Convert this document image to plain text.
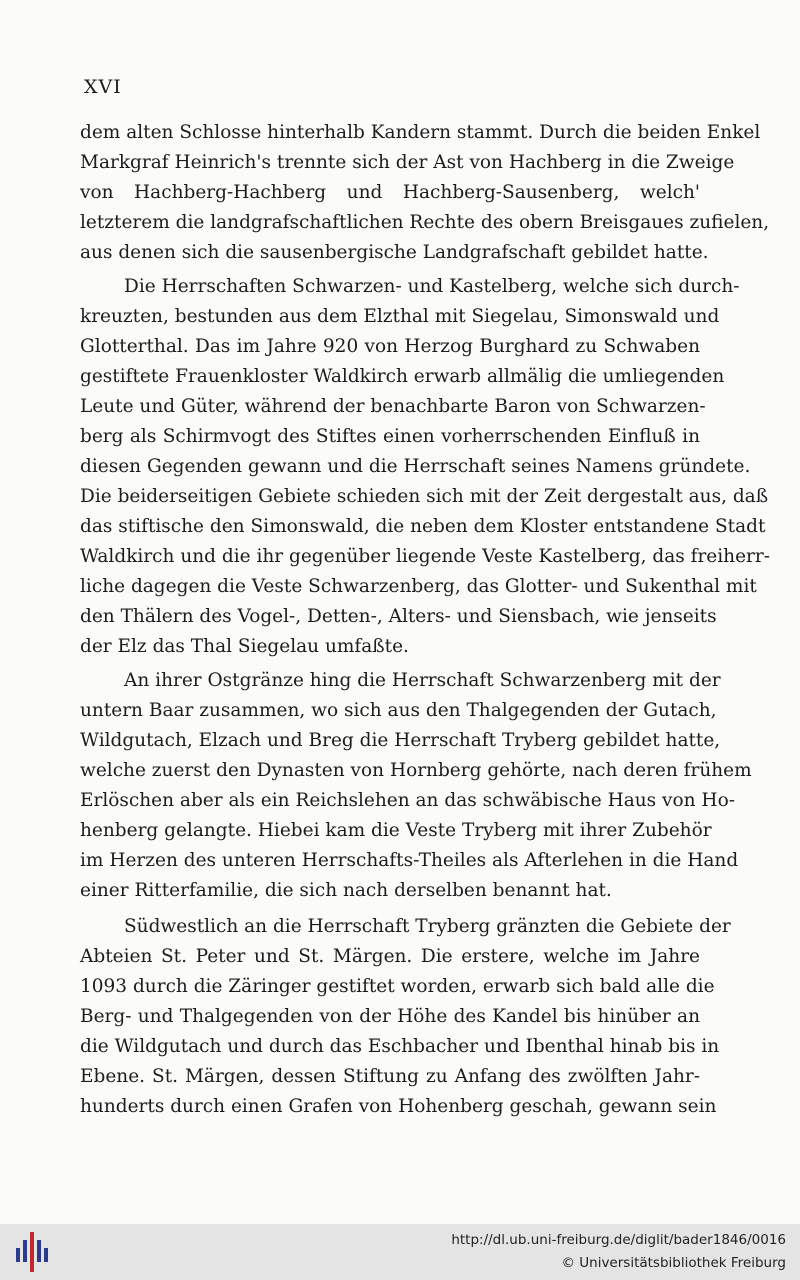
XVI
dem alten Schlosse hinterhalb Kandern stammt. Durch die beiden Enkel
Markgraf Heinrich's trennte sich der Ast von Hachberg in die Zweige
von Hachberg-Hachberg und Hachberg-Sausenberg, welch'
letzterem die landgrafschaftlichen Rechte des obern Breisgaues zufielen,
aus denen sich die sausenbergische Landgrafschaft gebildet hatte.
Die Herrschaften Schwarzen- und Kastelberg, welche sich durch-
kreuzten, bestunden aus dem Elzthal mit Siegelau, Simonswald und
Glotterthal. Das im Jahre 920 von Herzog Burghard zu Schwaben
gestiftete Frauenkloster Waldkirch erwarb allmälig die umliegenden
Leute und Güter, während der benachbarte Baron von Schwarzen-
berg als Schirmvogt des Stiftes einen vorherrschenden Einfluß in
diesen Gegenden gewann und die Herrschaft seines Namens gründete.
Die beiderseitigen Gebiete schieden sich mit der Zeit dergestalt aus, daß
das stiftische den Simonswald, die neben dem Kloster entstandene Stadt
Waldkirch und die ihr gegenüber liegende Veste Kastelberg, das freiherr-
liche dagegen die Veste Schwarzenberg, das Glotter- und Sukenthal mit
den Thälern des Vogel-, Detten-, Alters- und Siensbach, wie jenseits
der Elz das Thal Siegelau umfaßte.
An ihrer Ostgränze hing die Herrschaft Schwarzenberg mit der
untern Baar zusammen, wo sich aus den Thalgegenden der Gutach,
Wildgutach, Elzach und Breg die Herrschaft Tryberg gebildet hatte,
welche zuerst den Dynasten von Hornberg gehörte, nach deren frühem
Erlöschen aber als ein Reichslehen an das schwäbische Haus von Ho-
henberg gelangte. Hiebei kam die Veste Tryberg mit ihrer Zubehör
im Herzen des unteren Herrschafts-Theiles als Afterlehen in die Hand
einer Ritterfamilie, die sich nach derselben benannt hat.
Südwestlich an die Herrschaft Tryberg gränzten die Gebiete der
Abteien St. Peter und St. Märgen. Die erstere, welche im Jahre
1093 durch die Zäringer gestiftet worden, erwarb sich bald alle die
Berg- und Thalgegenden von der Höhe des Kandel bis hinüber an
die Wildgutach und durch das Eschbacher und Ibenthal hinab bis in
Ebene. St. Märgen, dessen Stiftung zu Anfang des zwölften Jahr-
hunderts durch einen Grafen von Hohenberg geschah, gewann sein
http://dl.ub.uni-freiburg.de/diglit/bader1846/0016
© Universitätsbibliothek Freiburg
